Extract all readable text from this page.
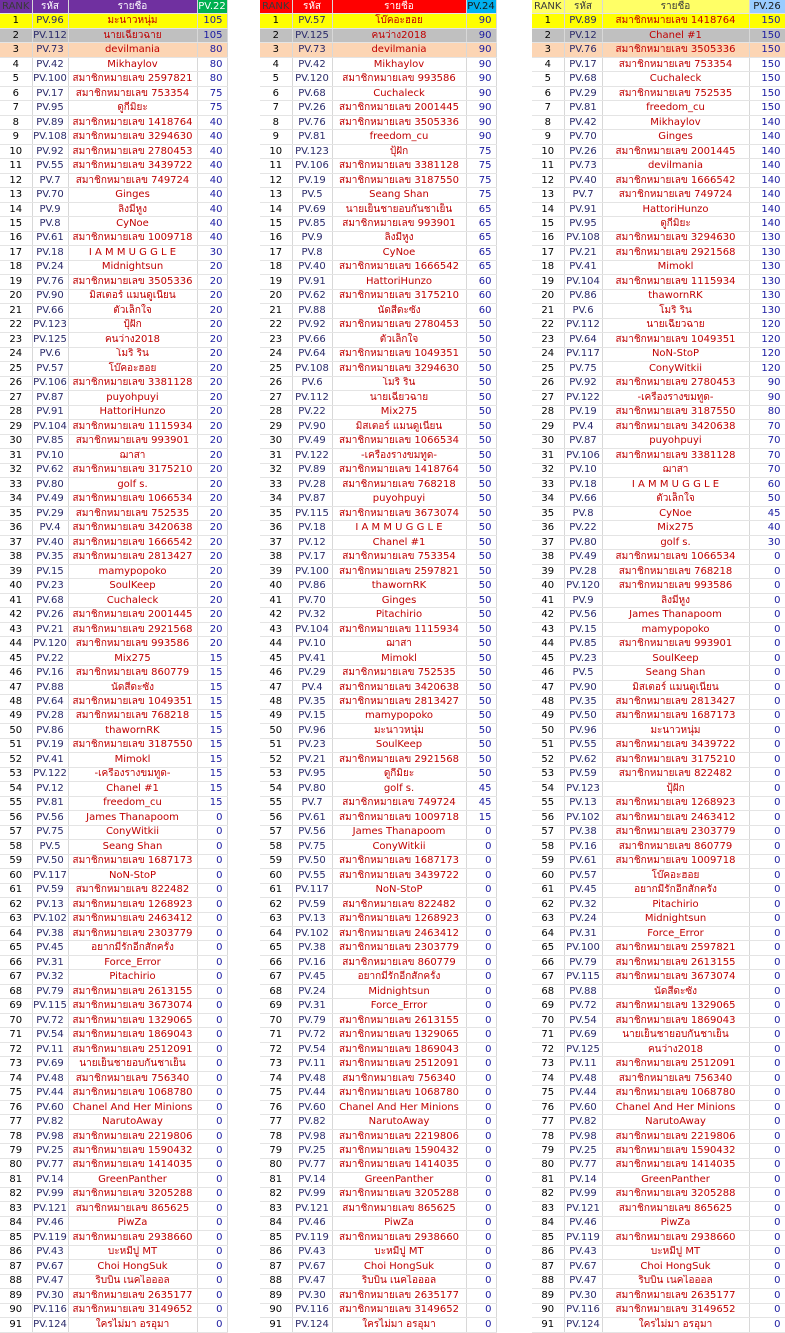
RANK	รหัส	รายชื่อ	PV.22
1	PV.96	มะนาวหนุ่ม	105
2	PV.112	นายเฉียวฉาย	105
3	PV.73	devilmania	80
4	PV.42	Mikhaylov	80
5	PV.100	สมาชิกหมายเลข 2597821	80
6	PV.17	สมาชิกหมายเลข 753354	75
7	PV.95	ดูกีมิยะ	75
8	PV.89	สมาชิกหมายเลข 1418764	40
9	PV.108	สมาชิกหมายเลข 3294630	40
10	PV.92	สมาชิกหมายเลข 2780453	40
11	PV.55	สมาชิกหมายเลข 3439722	40
12	PV.7	สมาชิกหมายเลข 749724	40
13	PV.70	Ginges	40
14	PV.9	ลิงมีหูง	40
15	PV.8	CyNoe	40
16	PV.61	สมาชิกหมายเลข 1009718	40
17	PV.18	I A M M U G G L E	30
18	PV.24	Midnightsun	20
19	PV.76	สมาชิกหมายเลข 3505336	20
20	PV.90	มิสเตอร์ แมนดูเนียน	20
21	PV.66	ตัวเล็กใจ	20
22	PV.123	ปุ้ฝัก	20
23	PV.125	คนว่าง2018	20
24	PV.6	โมริ ริน	20
25	PV.57	โบ๊คอะฮอย	20
26	PV.106	สมาชิกหมายเลข 3381128	20
27	PV.87	puyohpuyi	20
28	PV.91	HattoriHunzo	20
29	PV.104	สมาชิกหมายเลข 1115934	20
30	PV.85	สมาชิกหมายเลข 993901	20
31	PV.10	ฌาสา	20
32	PV.62	สมาชิกหมายเลข 3175210	20
33	PV.80	golf s.	20
34	PV.49	สมาชิกหมายเลข 1066534	20
35	PV.29	สมาชิกหมายเลข 752535	20
36	PV.4	สมาชิกหมายเลข 3420638	20
37	PV.40	สมาชิกหมายเลข 1666542	20
38	PV.35	สมาชิกหมายเลข 2813427	20
39	PV.15	mamypopoko	20
40	PV.23	SoulKeep	20
41	PV.68	Cuchaleck	20
42	PV.26	สมาชิกหมายเลข 2001445	20
43	PV.21	สมาชิกหมายเลข 2921568	20
44	PV.120	สมาชิกหมายเลข 993586	20
45	PV.22	Mix275	15
46	PV.16	สมาชิกหมายเลข 860779	15
47	PV.88	นัดสีดะซัง	15
48	PV.64	สมาชิกหมายเลข 1049351	15
49	PV.28	สมาชิกหมายเลข 768218	15
50	PV.86	thawornRK	15
51	PV.19	สมาชิกหมายเลข 3187550	15
52	PV.41	Mimokl	15
53	PV.122	-เครื่องรางขมทูด-	15
54	PV.12	Chanel #1	15
55	PV.81	freedom_cu	15
56	PV.56	James Thanapoom	0
57	PV.75	ConyWitkii	0
58	PV.5	Seang Shan	0
59	PV.50	สมาชิกหมายเลข 1687173	0
60	PV.117	NoN-StoP	0
61	PV.59	สมาชิกหมายเลข 822482	0
62	PV.13	สมาชิกหมายเลข 1268923	0
63	PV.102	สมาชิกหมายเลข 2463412	0
64	PV.38	สมาชิกหมายเลข 2303779	0
65	PV.45	อยากมีรักอีกสักครั้ง	0
66	PV.31	Force_Error	0
67	PV.32	Pitachirio	0
68	PV.79	สมาชิกหมายเลข 2613155	0
69	PV.115	สมาชิกหมายเลข 3673074	0
70	PV.72	สมาชิกหมายเลข 1329065	0
71	PV.54	สมาชิกหมายเลข 1869043	0
72	PV.11	สมาชิกหมายเลข 2512091	0
73	PV.69	นายเย็นชายอบกันชาเย็น	0
74	PV.48	สมาชิกหมายเลข 756340	0
75	PV.44	สมาชิกหมายเลข 1068780	0
76	PV.60	Chanel And Her Minions	0
77	PV.82	NarutoAway	0
78	PV.98	สมาชิกหมายเลข 2219806	0
79	PV.25	สมาชิกหมายเลข 1590432	0
80	PV.77	สมาชิกหมายเลข 1414035	0
81	PV.14	GreenPanther	0
82	PV.99	สมาชิกหมายเลข 3205288	0
83	PV.121	สมาชิกหมายเลข 865625	0
84	PV.46	PiwZa	0
85	PV.119	สมาชิกหมายเลข 2938660	0
86	PV.43	บะหมี่ปู MT	0
87	PV.67	Choi HongSuk	0
88	PV.47	ริบบิ้น เนคไอออล	0
89	PV.30	สมาชิกหมายเลข 2635177	0
90	PV.116	สมาชิกหมายเลข 3149652	0
91	PV.124	ใครไม่มา อรอุมา	0
RANK	รหัส	รายชื่อ	PV.24
1	PV.57	โบ๊คอะฮอย	90
2	PV.125	คนว่าง2018	90
3	PV.73	devilmania	90
4	PV.42	Mikhaylov	90
5	PV.120	สมาชิกหมายเลข 993586	90
6	PV.68	Cuchaleck	90
7	PV.26	สมาชิกหมายเลข 2001445	90
8	PV.76	สมาชิกหมายเลข 3505336	90
9	PV.81	freedom_cu	90
10	PV.123	ปุ้ฝัก	75
11	PV.106	สมาชิกหมายเลข 3381128	75
12	PV.19	สมาชิกหมายเลข 3187550	75
13	PV.5	Seang Shan	75
14	PV.69	นายเย็นชายอบกันชาเย็น	65
15	PV.85	สมาชิกหมายเลข 993901	65
16	PV.9	ลิงมีหูง	65
17	PV.8	CyNoe	65
18	PV.40	สมาชิกหมายเลข 1666542	65
19	PV.91	HattoriHunzo	60
20	PV.62	สมาชิกหมายเลข 3175210	60
21	PV.88	นัดสีดะซัง	60
22	PV.92	สมาชิกหมายเลข 2780453	50
23	PV.66	ตัวเล็กใจ	50
24	PV.64	สมาชิกหมายเลข 1049351	50
25	PV.108	สมาชิกหมายเลข 3294630	50
26	PV.6	โมริ ริน	50
27	PV.112	นายเฉียวฉาย	50
28	PV.22	Mix275	50
29	PV.90	มิสเตอร์ แมนดูเนียน	50
30	PV.49	สมาชิกหมายเลข 1066534	50
31	PV.122	-เครื่องรางขมทูด-	50
32	PV.89	สมาชิกหมายเลข 1418764	50
33	PV.28	สมาชิกหมายเลข 768218	50
34	PV.87	puyohpuyi	50
35	PV.115	สมาชิกหมายเลข 3673074	50
36	PV.18	I A M M U G G L E	50
37	PV.12	Chanel #1	50
38	PV.17	สมาชิกหมายเลข 753354	50
39	PV.100	สมาชิกหมายเลข 2597821	50
40	PV.86	thawornRK	50
41	PV.70	Ginges	50
42	PV.32	Pitachirio	50
43	PV.104	สมาชิกหมายเลข 1115934	50
44	PV.10	ฌาสา	50
45	PV.41	Mimokl	50
46	PV.29	สมาชิกหมายเลข 752535	50
47	PV.4	สมาชิกหมายเลข 3420638	50
48	PV.35	สมาชิกหมายเลข 2813427	50
49	PV.15	mamypopoko	50
50	PV.96	มะนาวหนุ่ม	50
51	PV.23	SoulKeep	50
52	PV.21	สมาชิกหมายเลข 2921568	50
53	PV.95	ดูกีมิยะ	50
54	PV.80	golf s.	45
55	PV.7	สมาชิกหมายเลข 749724	45
56	PV.61	สมาชิกหมายเลข 1009718	15
57	PV.56	James Thanapoom	0
58	PV.75	ConyWitkii	0
59	PV.50	สมาชิกหมายเลข 1687173	0
60	PV.55	สมาชิกหมายเลข 3439722	0
61	PV.117	NoN-StoP	0
62	PV.59	สมาชิกหมายเลข 822482	0
63	PV.13	สมาชิกหมายเลข 1268923	0
64	PV.102	สมาชิกหมายเลข 2463412	0
65	PV.38	สมาชิกหมายเลข 2303779	0
66	PV.16	สมาชิกหมายเลข 860779	0
67	PV.45	อยากมีรักอีกสักครั้ง	0
68	PV.24	Midnightsun	0
69	PV.31	Force_Error	0
70	PV.79	สมาชิกหมายเลข 2613155	0
71	PV.72	สมาชิกหมายเลข 1329065	0
72	PV.54	สมาชิกหมายเลข 1869043	0
73	PV.11	สมาชิกหมายเลข 2512091	0
74	PV.48	สมาชิกหมายเลข 756340	0
75	PV.44	สมาชิกหมายเลข 1068780	0
76	PV.60	Chanel And Her Minions	0
77	PV.82	NarutoAway	0
78	PV.98	สมาชิกหมายเลข 2219806	0
79	PV.25	สมาชิกหมายเลข 1590432	0
80	PV.77	สมาชิกหมายเลข 1414035	0
81	PV.14	GreenPanther	0
82	PV.99	สมาชิกหมายเลข 3205288	0
83	PV.121	สมาชิกหมายเลข 865625	0
84	PV.46	PiwZa	0
85	PV.119	สมาชิกหมายเลข 2938660	0
86	PV.43	บะหมี่ปู MT	0
87	PV.67	Choi HongSuk	0
88	PV.47	ริบบิ้น เนคไอออล	0
89	PV.30	สมาชิกหมายเลข 2635177	0
90	PV.116	สมาชิกหมายเลข 3149652	0
91	PV.124	ใครไม่มา อรอุมา	0
RANK	รหัส	รายชื่อ	PV.26
1	PV.89	สมาชิกหมายเลข 1418764	150
2	PV.12	Chanel #1	150
3	PV.76	สมาชิกหมายเลข 3505336	150
4	PV.17	สมาชิกหมายเลข 753354	150
5	PV.68	Cuchaleck	150
6	PV.29	สมาชิกหมายเลข 752535	150
7	PV.81	freedom_cu	150
8	PV.42	Mikhaylov	140
9	PV.70	Ginges	140
10	PV.26	สมาชิกหมายเลข 2001445	140
11	PV.73	devilmania	140
12	PV.40	สมาชิกหมายเลข 1666542	140
13	PV.7	สมาชิกหมายเลข 749724	140
14	PV.91	HattoriHunzo	140
15	PV.95	ดูกีมิยะ	140
16	PV.108	สมาชิกหมายเลข 3294630	130
17	PV.21	สมาชิกหมายเลข 2921568	130
18	PV.41	Mimokl	130
19	PV.104	สมาชิกหมายเลข 1115934	130
20	PV.86	thawornRK	130
21	PV.6	โมริ ริน	130
22	PV.112	นายเฉียวฉาย	120
23	PV.64	สมาชิกหมายเลข 1049351	120
24	PV.117	NoN-StoP	120
25	PV.75	ConyWitkii	120
26	PV.92	สมาชิกหมายเลข 2780453	90
27	PV.122	-เครื่องรางขมทูด-	90
28	PV.19	สมาชิกหมายเลข 3187550	80
29	PV.4	สมาชิกหมายเลข 3420638	70
30	PV.87	puyohpuyi	70
31	PV.106	สมาชิกหมายเลข 3381128	70
32	PV.10	ฌาสา	70
33	PV.18	I A M M U G G L E	60
34	PV.66	ตัวเล็กใจ	50
35	PV.8	CyNoe	45
36	PV.22	Mix275	40
37	PV.80	golf s.	30
38	PV.49	สมาชิกหมายเลข 1066534	0
39	PV.28	สมาชิกหมายเลข 768218	0
40	PV.120	สมาชิกหมายเลข 993586	0
41	PV.9	ลิงมีหูง	0
42	PV.56	James Thanapoom	0
43	PV.15	mamypopoko	0
44	PV.85	สมาชิกหมายเลข 993901	0
45	PV.23	SoulKeep	0
46	PV.5	Seang Shan	0
47	PV.90	มิสเตอร์ แมนดูเนียน	0
48	PV.35	สมาชิกหมายเลข 2813427	0
49	PV.50	สมาชิกหมายเลข 1687173	0
50	PV.96	มะนาวหนุ่ม	0
51	PV.55	สมาชิกหมายเลข 3439722	0
52	PV.62	สมาชิกหมายเลข 3175210	0
53	PV.59	สมาชิกหมายเลข 822482	0
54	PV.123	ปุ้ฝัก	0
55	PV.13	สมาชิกหมายเลข 1268923	0
56	PV.102	สมาชิกหมายเลข 2463412	0
57	PV.38	สมาชิกหมายเลข 2303779	0
58	PV.16	สมาชิกหมายเลข 860779	0
59	PV.61	สมาชิกหมายเลข 1009718	0
60	PV.57	โบ๊คอะฮอย	0
61	PV.45	อยากมีรักอีกสักครั้ง	0
62	PV.32	Pitachirio	0
63	PV.24	Midnightsun	0
64	PV.31	Force_Error	0
65	PV.100	สมาชิกหมายเลข 2597821	0
66	PV.79	สมาชิกหมายเลข 2613155	0
67	PV.115	สมาชิกหมายเลข 3673074	0
68	PV.88	นัดสีดะซัง	0
69	PV.72	สมาชิกหมายเลข 1329065	0
70	PV.54	สมาชิกหมายเลข 1869043	0
71	PV.69	นายเย็นชายอบกันชาเย็น	0
72	PV.125	คนว่าง2018	0
73	PV.11	สมาชิกหมายเลข 2512091	0
74	PV.48	สมาชิกหมายเลข 756340	0
75	PV.44	สมาชิกหมายเลข 1068780	0
76	PV.60	Chanel And Her Minions	0
77	PV.82	NarutoAway	0
78	PV.98	สมาชิกหมายเลข 2219806	0
79	PV.25	สมาชิกหมายเลข 1590432	0
80	PV.77	สมาชิกหมายเลข 1414035	0
81	PV.14	GreenPanther	0
82	PV.99	สมาชิกหมายเลข 3205288	0
83	PV.121	สมาชิกหมายเลข 865625	0
84	PV.46	PiwZa	0
85	PV.119	สมาชิกหมายเลข 2938660	0
86	PV.43	บะหมี่ปู MT	0
87	PV.67	Choi HongSuk	0
88	PV.47	ริบบิ้น เนคไอออล	0
89	PV.30	สมาชิกหมายเลข 2635177	0
90	PV.116	สมาชิกหมายเลข 3149652	0
91	PV.124	ใครไม่มา อรอุมา	0
